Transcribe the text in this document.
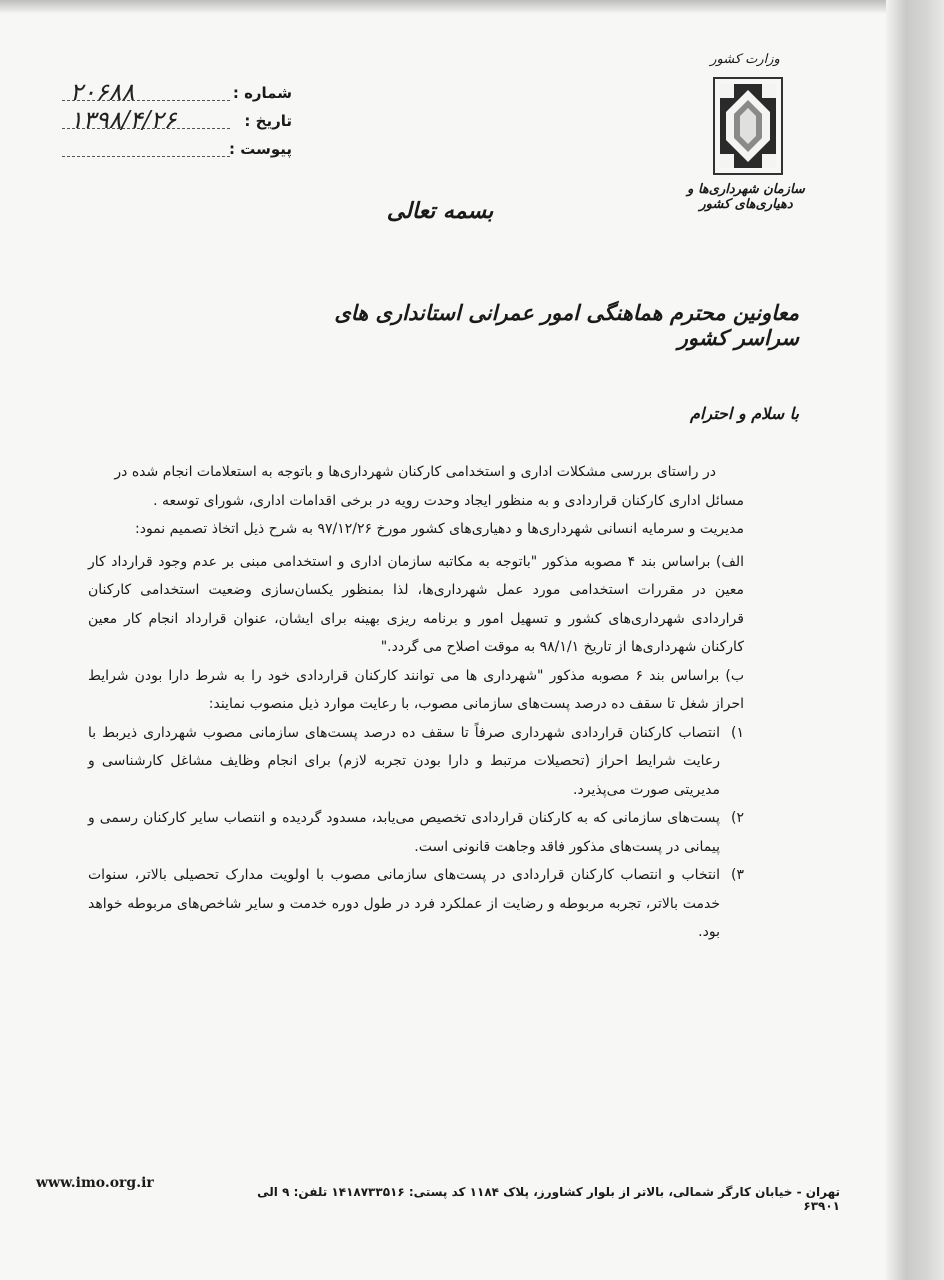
شماره :
۲۰۶۸۸
تاریخ :
۱۳۹۸/۴/۲۶
پیوست :
وزارت کشور
سازمان شهرداری‌ها و دهیاری‌های کشور
بسمه تعالی
معاونین محترم هماهنگی امور عمرانی استانداری های سراسر کشور
با سلام و احترام

در راستای بررسی مشکلات اداری و استخدامی کارکنان شهرداری‌ها و باتوجه به استعلامات انجام شده در

مسائل اداری کارکنان قراردادی و به منظور ایجاد وحدت رویه در برخی اقدامات اداری، شورای توسعه .

مدیریت و سرمایه انسانی شهرداری‌ها و دهیاری‌های کشور مورخ ۹۷/۱۲/۲۶ به شرح ذیل اتخاذ تصمیم نمود:

الف) براساس بند ۴ مصوبه مذکور "باتوجه به مکاتبه سازمان اداری و استخدامی مبنی بر عدم وجود قرارداد کار معین در مقررات استخدامی مورد عمل شهرداری‌ها، لذا بمنظور یکسان‌سازی وضعیت استخدامی کارکنان قراردادی شهرداری‌های کشور و تسهیل امور و برنامه ریزی بهینه برای ایشان، عنوان قرارداد انجام کار معین کارکنان شهرداری‌ها از تاریخ ۹۸/۱/۱ به موقت اصلاح می گردد."

ب) براساس بند ۶ مصوبه مذکور "شهرداری ها می توانند کارکنان قراردادی خود را به شرط دارا بودن شرایط احراز شغل تا سقف ده درصد پست‌های سازمانی مصوب، با رعایت موارد ذیل منصوب نمایند:

۱)
انتصاب کارکنان قراردادی شهرداری صرفاً تا سقف ده درصد پست‌های سازمانی مصوب شهرداری ذیربط با رعایت شرایط احراز (تحصیلات مرتبط و دارا بودن تجربه لازم) برای انجام وظایف مشاغل کارشناسی و مدیریتی صورت می‌پذیرد.
۲)
پست‌های سازمانی که به کارکنان قراردادی تخصیص می‌یابد، مسدود گردیده و انتصاب سایر کارکنان رسمی و پیمانی در پست‌های مذکور فاقد وجاهت قانونی است.
۳)
انتخاب و انتصاب کارکنان قراردادی در پست‌های سازمانی مصوب با اولویت مدارک تحصیلی بالاتر، سنوات خدمت بالاتر، تجربه مربوطه و رضایت از عملکرد فرد در طول دوره خدمت و سایر شاخص‌های مربوطه خواهد بود.
www.imo.org.ir
تهران - خیابان کارگر شمالی، بالاتر از بلوار کشاورز، پلاک ۱۱۸۴ کد پستی: ۱۴۱۸۷۳۳۵۱۶ تلفن: ۹ الی ۶۳۹۰۱
